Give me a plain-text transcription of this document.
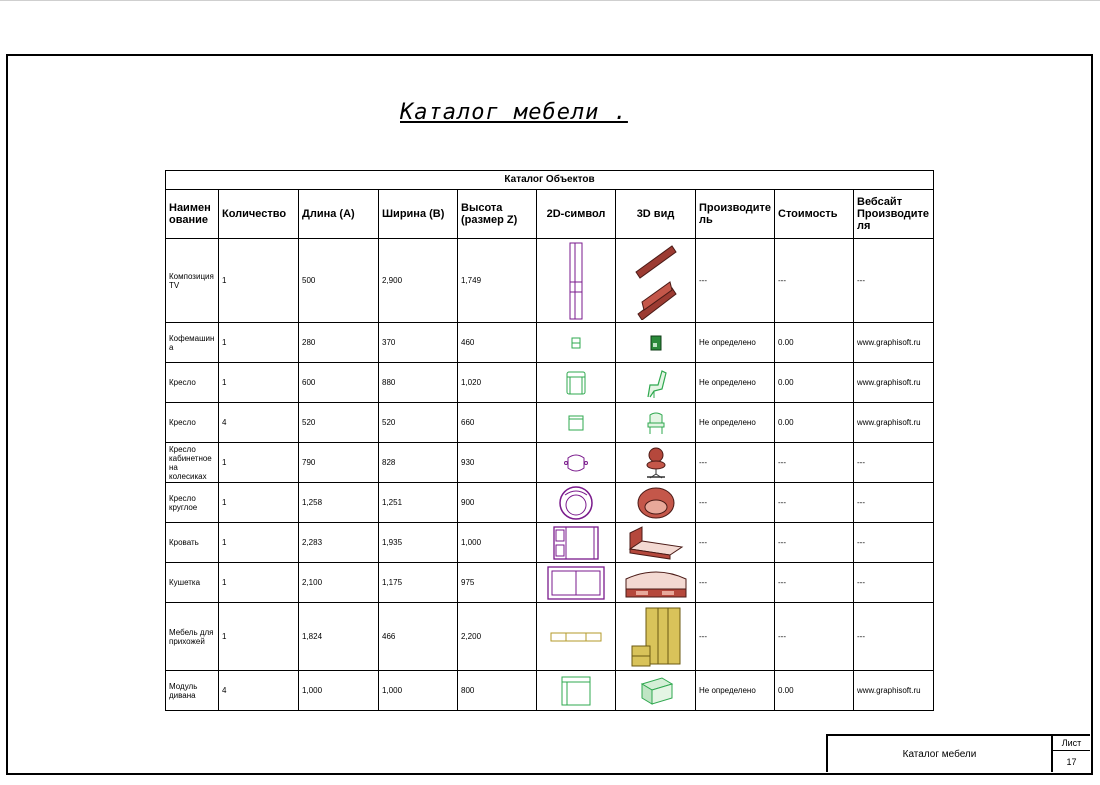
Каталог мебели .
Каталог Объектов									
Наимен ование	Количество	Длина (A)	Ширина (B)	Высота (размер Z)	2D-символ	3D вид	Производите ль	Стоимость	Вебсайт Производите ля
Композиция TV	1	500	2,900	1,749			---	---	---
Кофемашин а	1	280	370	460			Не определено	0.00	www.graphisoft.ru
Кресло	1	600	880	1,020			Не определено	0.00	www.graphisoft.ru
Кресло	4	520	520	660			Не определено	0.00	www.graphisoft.ru
Кресло кабинетное на колесиках	1	790	828	930			---	---	---
Кресло круглое	1	1,258	1,251	900			---	---	---
Кровать	1	2,283	1,935	1,000			---	---	---
Кушетка	1	2,100	1,175	975			---	---	---
Мебель для прихожей	1	1,824	466	2,200			---	---	---
Модуль дивана	4	1,000	1,000	800			Не определено	0.00	www.graphisoft.ru
Каталог мебели
Лист
17
